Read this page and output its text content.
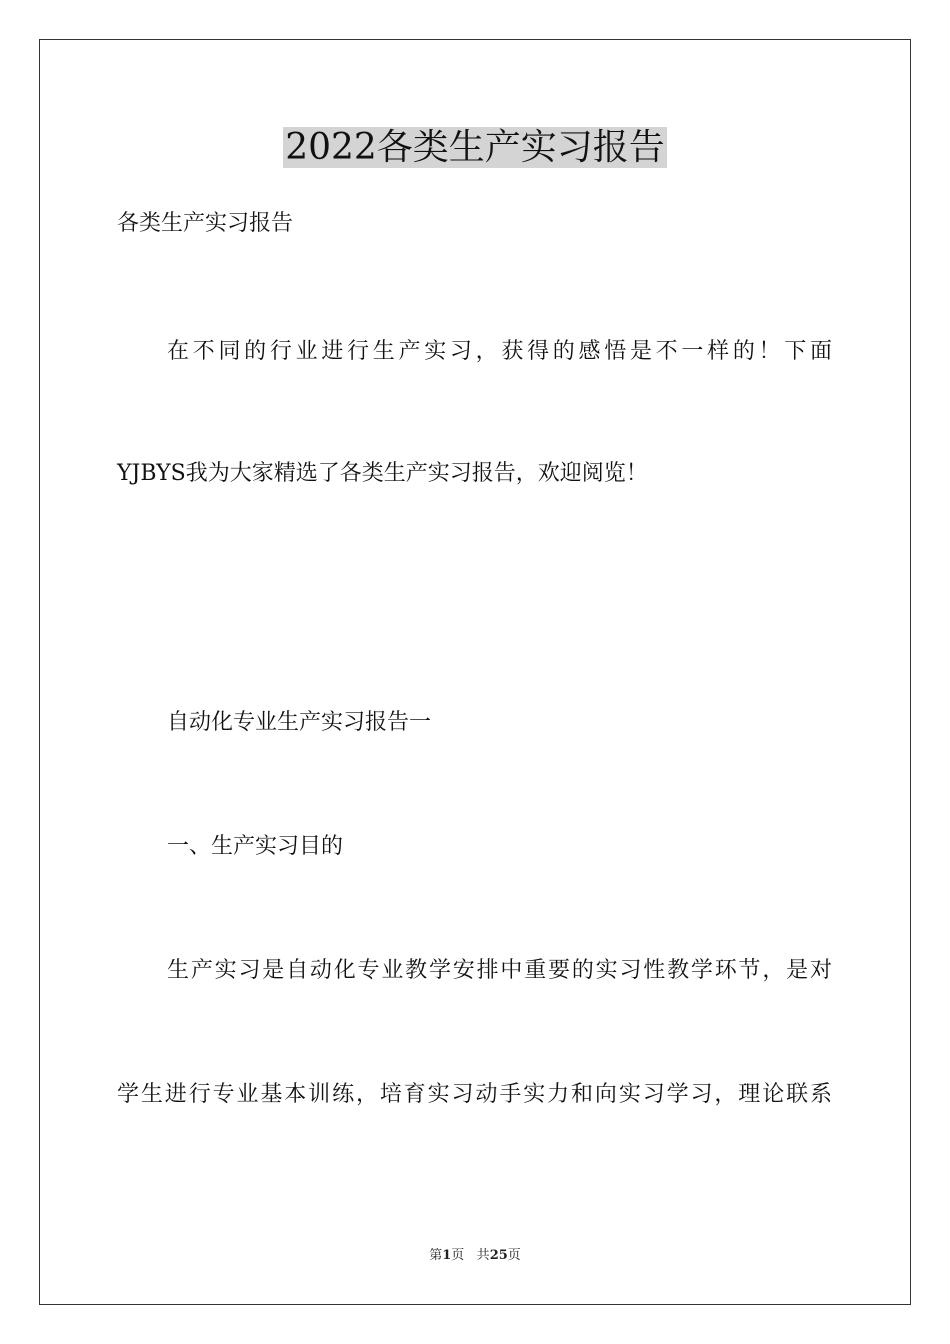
2022各类生产实习报告
各类生产实习报告
在不同的行业进行生产实习，获得的感悟是不一样的！下面
YJBYS我为大家精选了各类生产实习报告，欢迎阅览！
自动化专业生产实习报告一
一、生产实习目的
生产实习是自动化专业教学安排中重要的实习性教学环节，是对
学生进行专业基本训练，培育实习动手实力和向实习学习，理论联系
第1页 共25页
